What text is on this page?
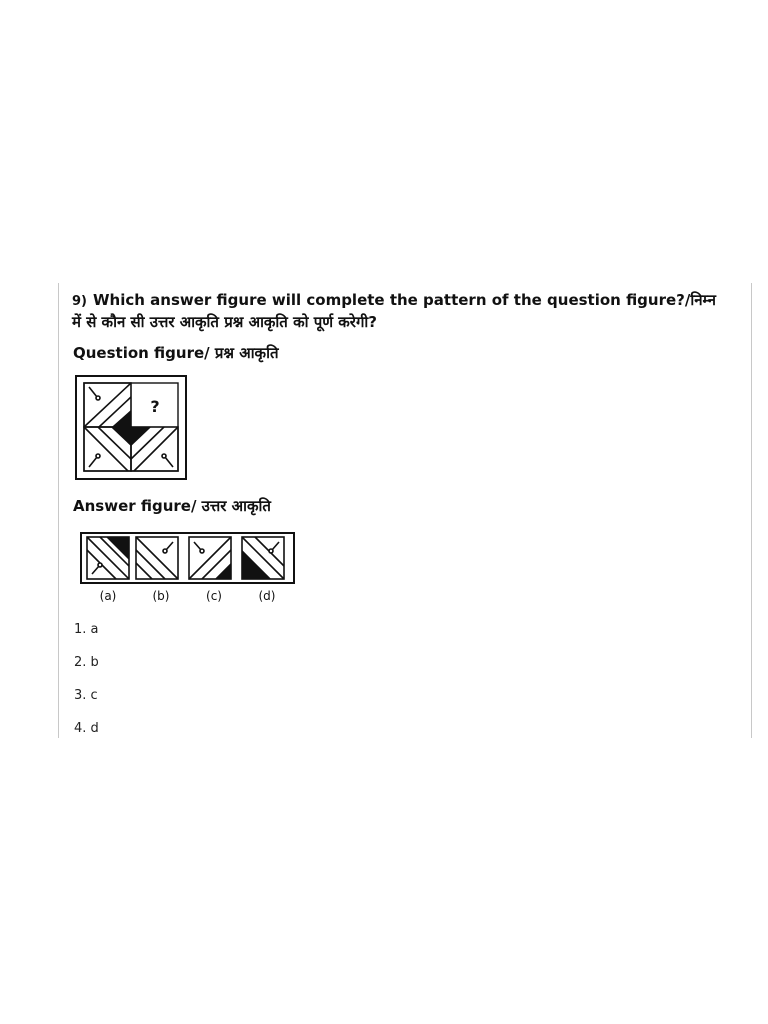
9) Which answer figure will complete the pattern of the question figure?/निम्न में से कौन सी उत्तर आकृति प्रश्न आकृति को पूर्ण करेगी?
Question figure/ प्रश्न आकृति
?
Answer figure/ उत्तर आकृति
(a)	(b)	(c)	(d)
1. a
2. b
3. c
4. d
